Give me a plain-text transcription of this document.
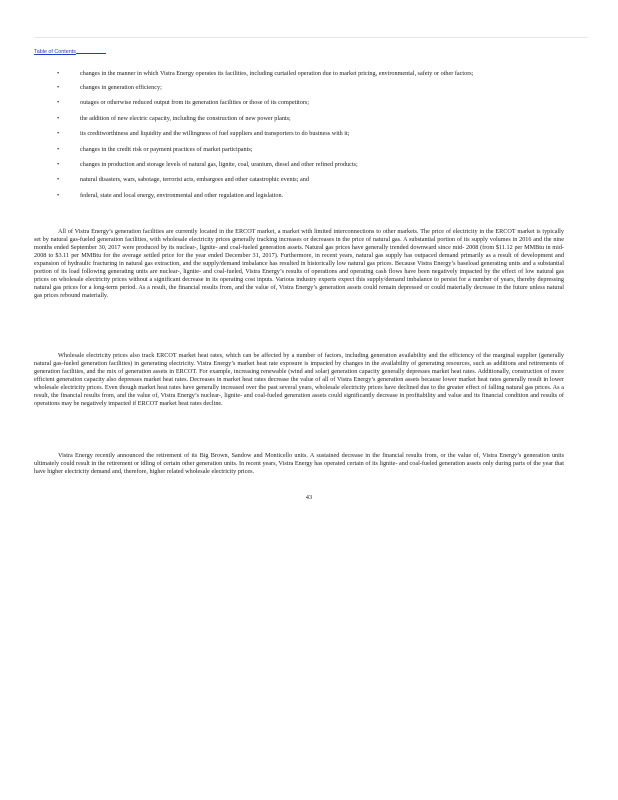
Table of Contents
•	changes in the manner in which Vistra Energy operates its facilities, including curtailed operation due to market pricing, environmental, safety or other factors;
•	changes in generation efficiency;
•	outages or otherwise reduced output from its generation facilities or those of its competitors;
•	the addition of new electric capacity, including the construction of new power plants;
•	its creditworthiness and liquidity and the willingness of fuel suppliers and transporters to do business with it;
•	changes in the credit risk or payment practices of market participants;
•	changes in production and storage levels of natural gas, lignite, coal, uranium, diesel and other refined products;
•	natural disasters, wars, sabotage, terrorist acts, embargoes and other catastrophic events; and
•	federal, state and local energy, environmental and other regulation and legislation.

All of Vistra Energy’s generation facilities are currently located in the ERCOT market, a market with limited interconnections to other markets. The price of electricity in the ERCOT market is typically set by natural gas-fueled generation facilities, with wholesale electricity prices generally tracking increases or decreases in the price of natural gas. A substantial portion of its supply volumes in 2016 and the nine months ended September 30, 2017 were produced by its nuclear-, lignite- and coal-fueled generation assets. Natural gas prices have generally trended downward since mid- 2008 (from $11.12 per MMBtu in mid-2008 to $3.11 per MMBtu for the average settled price for the year ended December 31, 2017). Furthermore, in recent years, natural gas supply has outpaced demand primarily as a result of development and expansion of hydraulic fracturing in natural gas extraction, and the supply/demand imbalance has resulted in historically low natural gas prices. Because Vistra Energy’s baseload generating units and a substantial portion of its load following generating units are nuclear-, lignite- and coal-fueled, Vistra Energy’s results of operations and operating cash flows have been negatively impacted by the effect of low natural gas prices on wholesale electricity prices without a significant decrease in its operating cost inputs. Various industry experts expect this supply/demand imbalance to persist for a number of years, thereby depressing natural gas prices for a long-term period. As a result, the financial results from, and the value of, Vistra Energy’s generation assets could remain depressed or could materially decrease in the future unless natural gas prices rebound materially.

Wholesale electricity prices also track ERCOT market heat rates, which can be affected by a number of factors, including generation availability and the efficiency of the marginal supplier (generally natural gas-fueled generation facilities) in generating electricity. Vistra Energy’s market heat rate exposure is impacted by changes in the availability of generating resources, such as additions and retirements of generation facilities, and the mix of generation assets in ERCOT. For example, increasing renewable (wind and solar) generation capacity generally depresses market heat rates. Additionally, construction of more efficient generation capacity also depresses market heat rates. Decreases in market heat rates decrease the value of all of Vistra Energy’s generation assets because lower market heat rates generally result in lower wholesale electricity prices. Even though market heat rates have generally increased over the past several years, wholesale electricity prices have declined due to the greater effect of falling natural gas prices. As a result, the financial results from, and the value of, Vistra Energy’s nuclear-, lignite- and coal-fueled generation assets could significantly decrease in profitability and value and its financial condition and results of operations may be negatively impacted if ERCOT market heat rates decline.

Vistra Energy recently announced the retirement of its Big Brown, Sandow and Monticello units. A sustained decrease in the financial results from, or the value of, Vistra Energy’s generation units ultimately could result in the retirement or idling of certain other generation units. In recent years, Vistra Energy has operated certain of its lignite- and coal-fueled generation assets only during parts of the year that have higher electricity demand and, therefore, higher related wholesale electricity prices.

43
